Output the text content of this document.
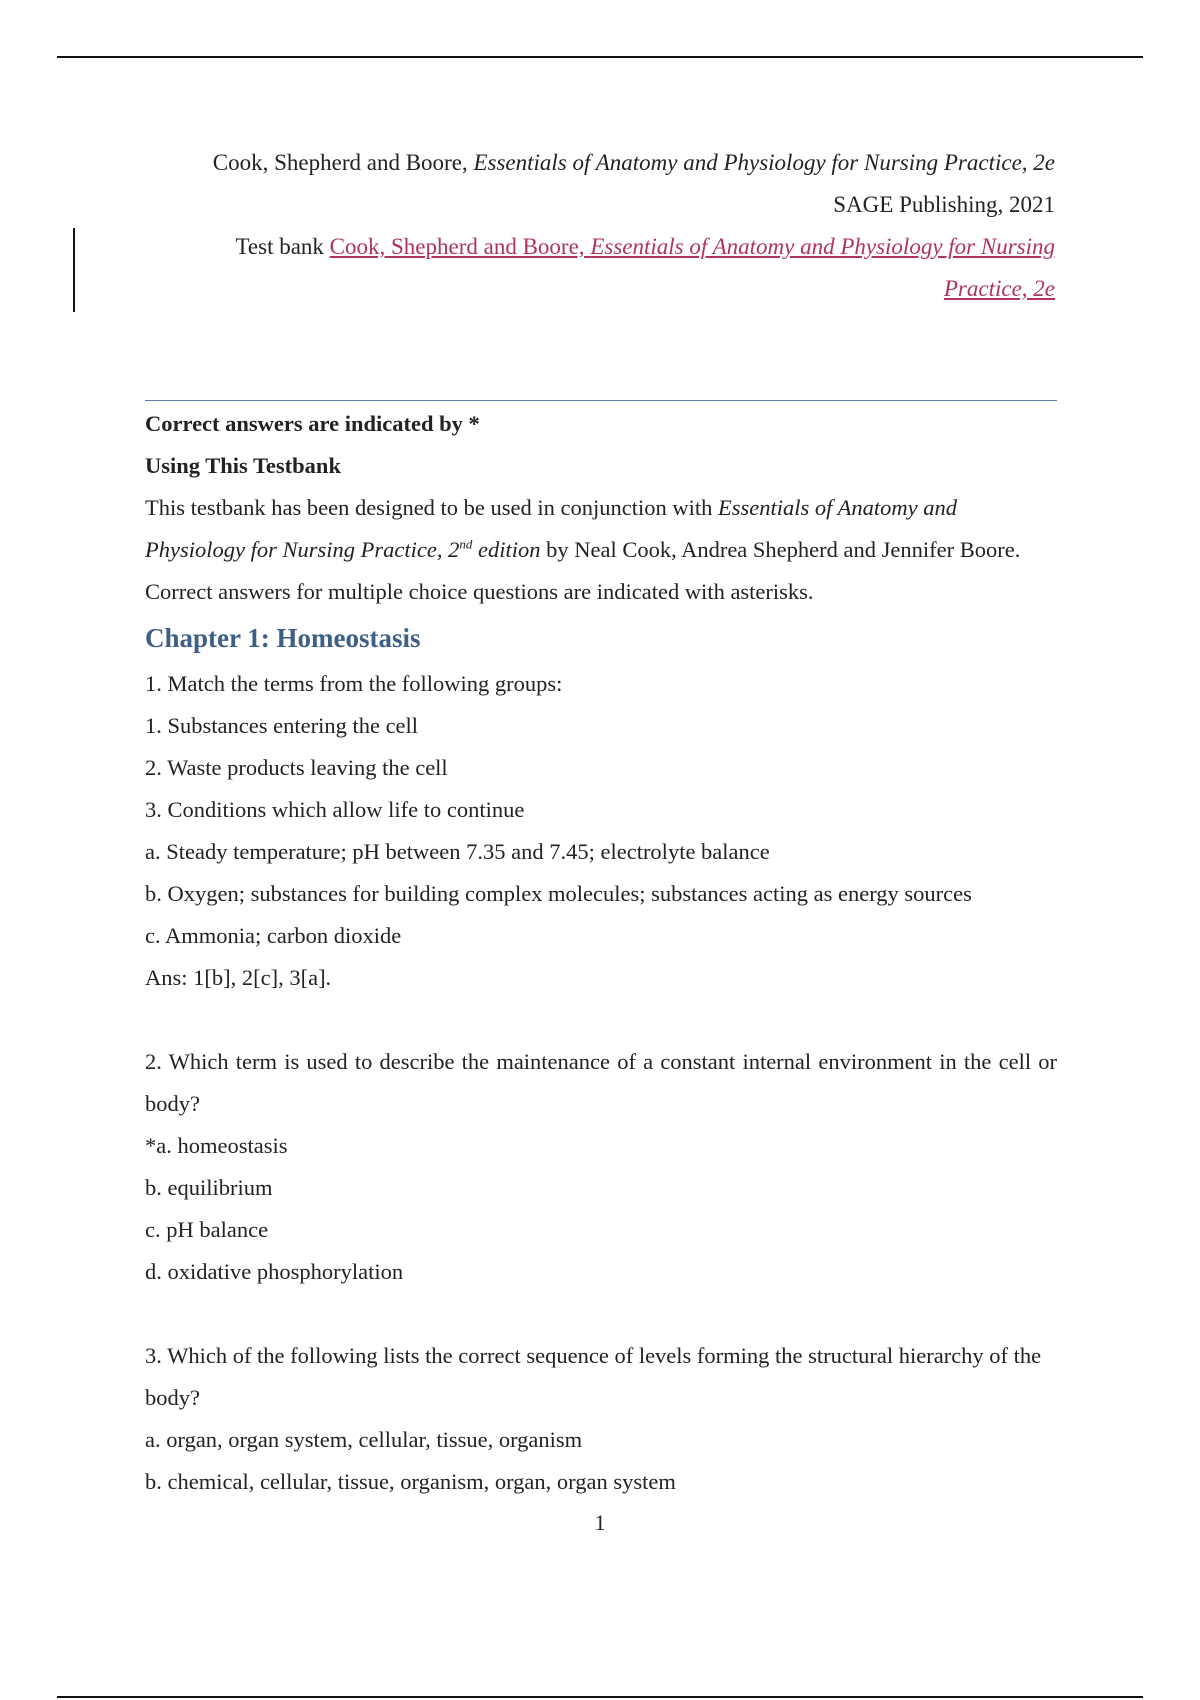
Cook, Shepherd and Boore, Essentials of Anatomy and Physiology for Nursing Practice, 2e
SAGE Publishing, 2021
Test bank Cook, Shepherd and Boore, Essentials of Anatomy and Physiology for Nursing
Practice, 2e

Correct answers are indicated by *

Using This Testbank

This testbank has been designed to be used in conjunction with Essentials of Anatomy and Physiology for Nursing Practice, 2nd edition by Neal Cook, Andrea Shepherd and Jennifer Boore. Correct answers for multiple choice questions are indicated with asterisks.

Chapter 1: Homeostasis

1. Match the terms from the following groups:

1. Substances entering the cell

2. Waste products leaving the cell

3. Conditions which allow life to continue

a. Steady temperature; pH between 7.35 and 7.45; electrolyte balance

b. Oxygen; substances for building complex molecules; substances acting as energy sources

c. Ammonia; carbon dioxide

Ans: 1[b], 2[c], 3[a].

2. Which term is used to describe the maintenance of a constant internal environment in the cell or body?

*a. homeostasis

b. equilibrium

c. pH balance

d. oxidative phosphorylation

3. Which of the following lists the correct sequence of levels forming the structural hierarchy of the body?

a. organ, organ system, cellular, tissue, organism

b. chemical, cellular, tissue, organism, organ, organ system

1
